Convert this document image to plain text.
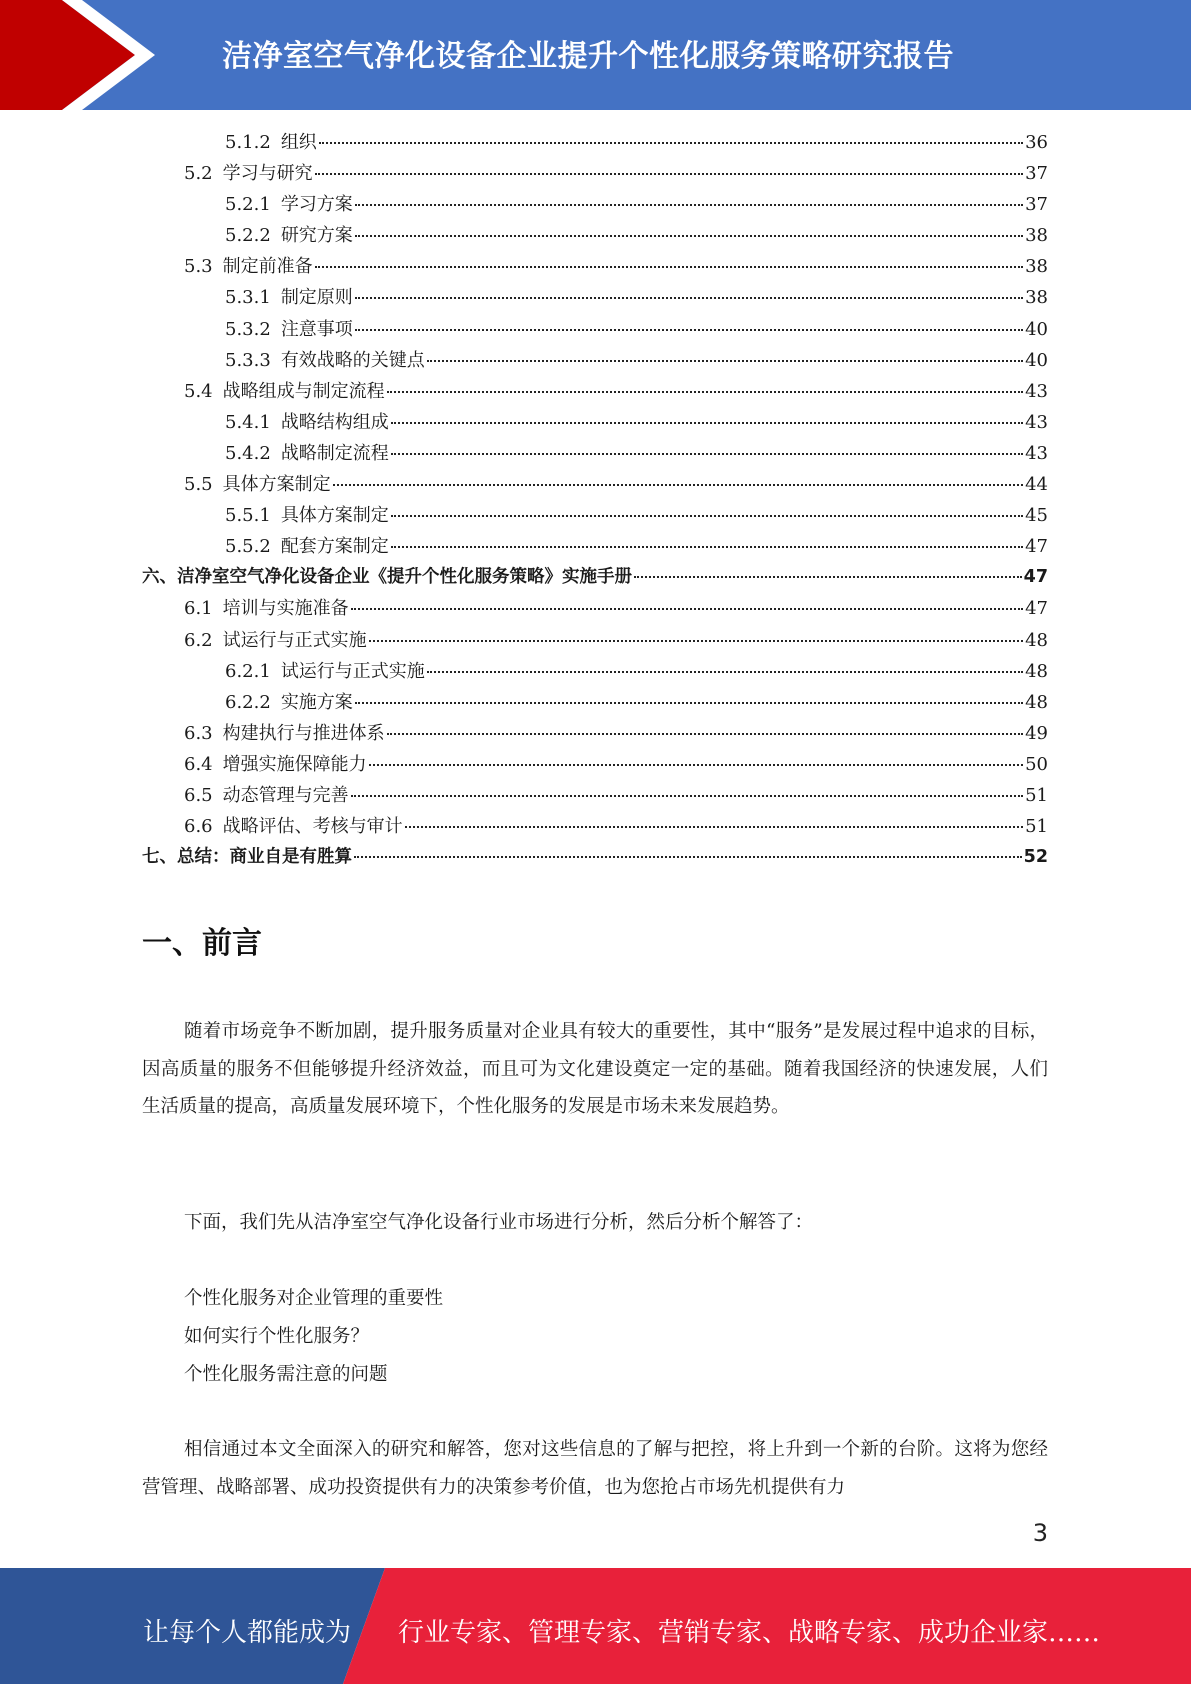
洁净室空气净化设备企业提升个性化服务策略研究报告
5.1.2 组织	36
5.2 学习与研究	37
5.2.1 学习方案	37
5.2.2 研究方案	38
5.3 制定前准备	38
5.3.1 制定原则	38
5.3.2 注意事项	40
5.3.3 有效战略的关键点	40
5.4 战略组成与制定流程	43
5.4.1 战略结构组成	43
5.4.2 战略制定流程	43
5.5 具体方案制定	44
5.5.1 具体方案制定	45
5.5.2 配套方案制定	47
六、 洁净室空气净化设备企业《提升个性化服务策略》实施手册	47
6.1 培训与实施准备	47
6.2 试运行与正式实施	48
6.2.1 试运行与正式实施	48
6.2.2 实施方案	48
6.3 构建执行与推进体系	49
6.4 增强实施保障能力	50
6.5 动态管理与完善	51
6.6 战略评估、考核与审计	51
七、 总结：商业自是有胜算	52
一、前言

随着市场竞争不断加剧，提升服务质量对企业具有较大的重要性，其中“服务”是发展过程中追求的目标，因高质量的服务不但能够提升经济效益，而且可为文化建设奠定一定的基础。随着我国经济的快速发展，人们生活质量的提高，高质量发展环境下，个性化服务的发展是市场未来发展趋势。

下面，我们先从洁净室空气净化设备行业市场进行分析，然后分析个解答了：

个性化服务对企业管理的重要性
如何实行个性化服务？
个性化服务需注意的问题

相信通过本文全面深入的研究和解答，您对这些信息的了解与把控，将上升到一个新的台阶。这将为您经营管理、战略部署、成功投资提供有力的决策参考价值，也为您抢占市场先机提供有力

3
让每个人都能成为 行业专家、管理专家、营销专家、战略专家、成功企业家……
